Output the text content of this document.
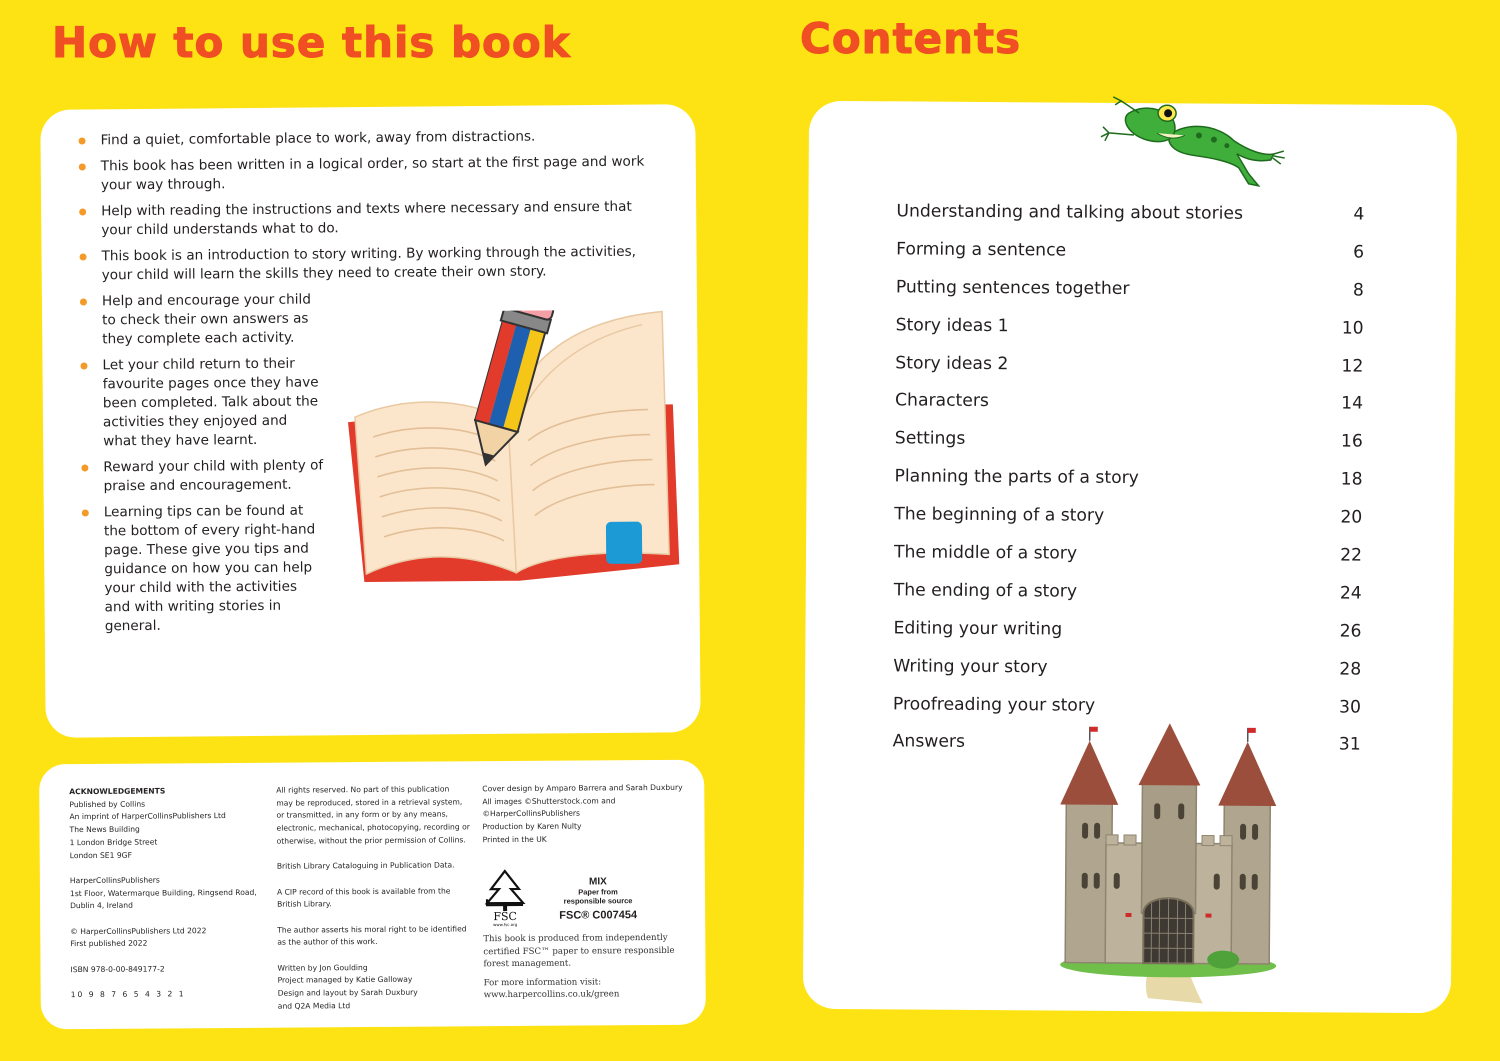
How to use this book	Contents
Find a quiet, comfortable place to work, away from distractions.
This book has been written in a logical order, so start at the first page and work your way through.
Help with reading the instructions and texts where necessary and ensure that your child understands what to do.
This book is an introduction to story writing. By working through the activities, your child will learn the skills they need to create their own story.
Help and encourage your child to check their own answers as they complete each activity.
Let your child return to their favourite pages once they have been completed. Talk about the activities they enjoyed and what they have learnt.
Reward your child with plenty of praise and encouragement.
Learning tips can be found at the bottom of every right-hand page. These give you tips and guidance on how you can help your child with the activities and with writing stories in general.

ACKNOWLEDGEMENTS
Published by Collins
An imprint of HarperCollinsPublishers Ltd
The News Building
1 London Bridge Street
London SE1 9GF

HarperCollinsPublishers
1st Floor, Watermarque Building, Ringsend Road,
Dublin 4, Ireland

© HarperCollinsPublishers Ltd 2022
First published 2022

ISBN 978-0-00-849177-2

10 9 8 7 6 5 4 3 2 1

All rights reserved. No part of this publication
may be reproduced, stored in a retrieval system,
or transmitted, in any form or by any means,
electronic, mechanical, photocopying, recording or
otherwise, without the prior permission of Collins.

British Library Cataloguing in Publication Data.

A CIP record of this book is available from the
British Library.

The author asserts his moral right to be identified
as the author of this work.

Written by Jon Goulding
Project managed by Katie Galloway
Design and layout by Sarah Duxbury
and Q2A Media Ltd

Cover design by Amparo Barrera and Sarah Duxbury
All images ©Shutterstock.com and
©HarperCollinsPublishers
Production by Karen Nulty
Printed in the UK

FSC
www.fsc.org
MIX
Paper from
responsible source
FSC® C007454

This book is produced from independently
certified FSC™ paper to ensure responsible
forest management.

For more information visit:
www.harpercollins.co.uk/green

Understanding and talking about stories	4
Forming a sentence	6
Putting sentences together	8
Story ideas 1	10
Story ideas 2	12
Characters	14
Settings	16
Planning the parts of a story	18
The beginning of a story	20
The middle of a story	22
The ending of a story	24
Editing your writing	26
Writing your story	28
Proofreading your story	30
Answers	31
